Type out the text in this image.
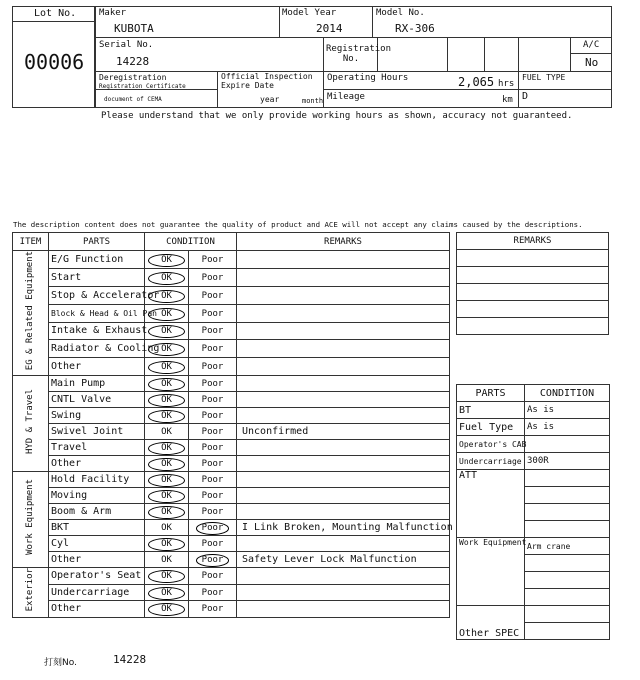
Lot No.
00006
Maker
KUBOTA
Model Year
2014
Model No.
RX-306
Serial No.
14228
Registration No.
A/C
No
Deregistration
Registration Certificate
document of CEMA
Official Inspection Expire Date
year	month
Operating Hours	2,065 hrs
Mileage	km
FUEL TYPE
D
Please understand that we only provide working hours as shown, accuracy not guaranteed.
The description content does not guarantee the quality of product and ACE will not accept any claims caused by the descriptions.
ITEM	PARTS	CONDITION		REMARKS
EG & Related Equipment	E/G Function	OK	Poor	
	Start	OK	Poor	
	Stop & Accelerator	OK	Poor	
	Block & Head & Oil Pan	OK	Poor	
	Intake & Exhaust	OK	Poor	
	Radiator & Cooling	OK	Poor	
	Other	OK	Poor	
HYD & Travel	Main Pump	OK	Poor	
	CNTL Valve	OK	Poor	
	Swing	OK	Poor	
	Swivel Joint	OK	Poor	Unconfirmed
	Travel	OK	Poor	
	Other	OK	Poor	
Work Equipment	Hold Facility	OK	Poor	
	Moving	OK	Poor	
	Boom & Arm	OK	Poor	
	BKT	OK	Poor	I Link Broken, Mounting Malfunction
	Cyl	OK	Poor	
	Other	OK	Poor	Safety Lever Lock Malfunction
Exterior	Operator's Seat	OK	Poor	
	Undercarriage	OK	Poor	
	Other	OK	Poor	
REMARKS

PARTS	CONDITION
BT	As is
Fuel Type	As is
Operator's CAB	
Undercarriage	300R
ATT	

Work Equipment	Arm crane

Other SPEC	

打刻No.	14228
